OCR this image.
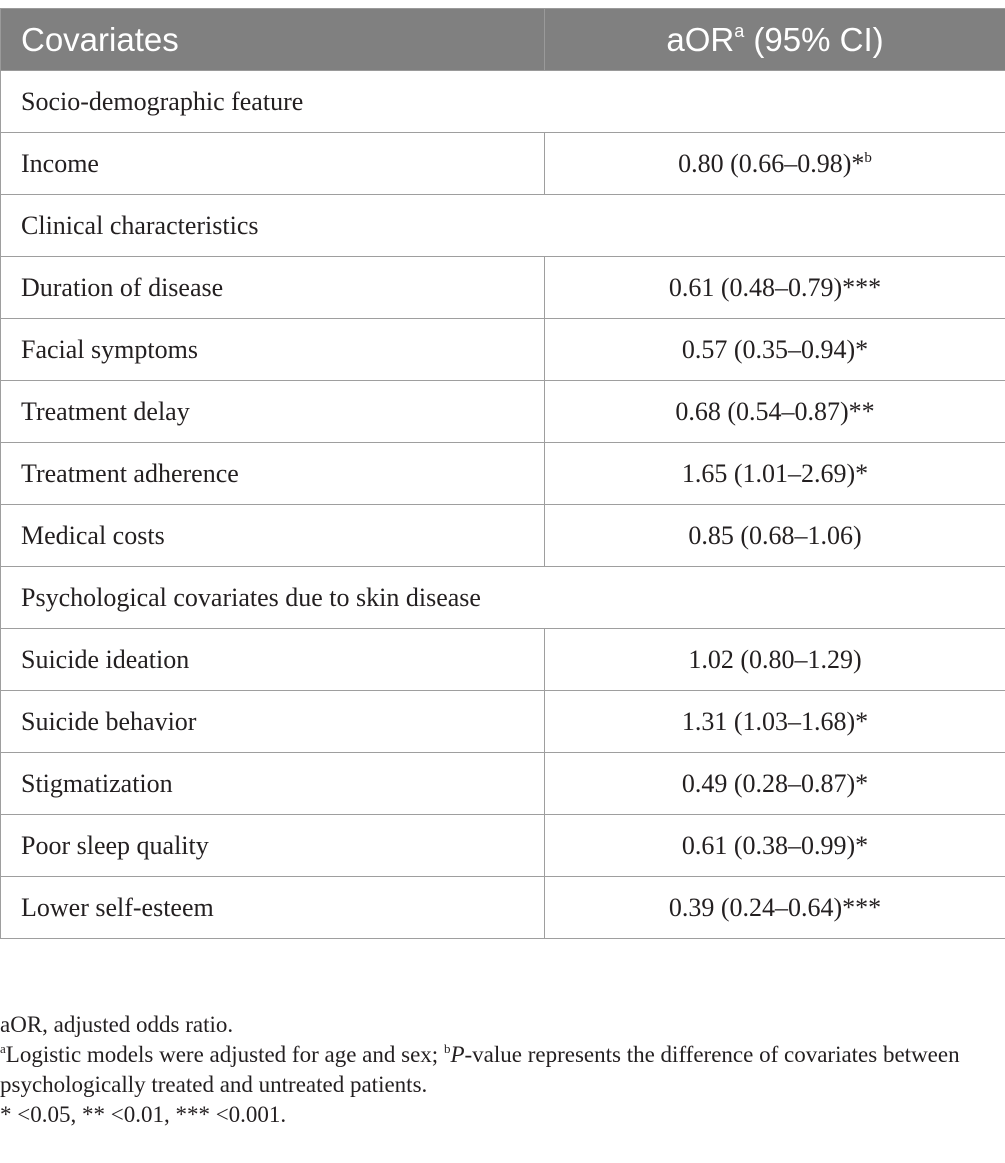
Covariates	aOR$^a$ (95% CI)
Socio-demographic feature	
Income	0.80 (0.66–0.98)*$^b$
Clinical characteristics	
Duration of disease	0.61 (0.48–0.79)***
Facial symptoms	0.57 (0.35–0.94)*
Treatment delay	0.68 (0.54–0.87)**
Treatment adherence	1.65 (1.01–2.69)*
Medical costs	0.85 (0.68–1.06)
Psychological covariates due to skin disease	
Suicide ideation	1.02 (0.80–1.29)
Suicide behavior	1.31 (1.03–1.68)*
Stigmatization	0.49 (0.28–0.87)*
Poor sleep quality	0.61 (0.38–0.99)*
Lower self-esteem	0.39 (0.24–0.64)***

aOR, adjusted odds ratio.

$^a$Logistic models were adjusted for age and sex; $^b$P-value represents the difference of covariates between psychologically treated and untreated patients.

* <0.05, ** <0.01, *** <0.001.
